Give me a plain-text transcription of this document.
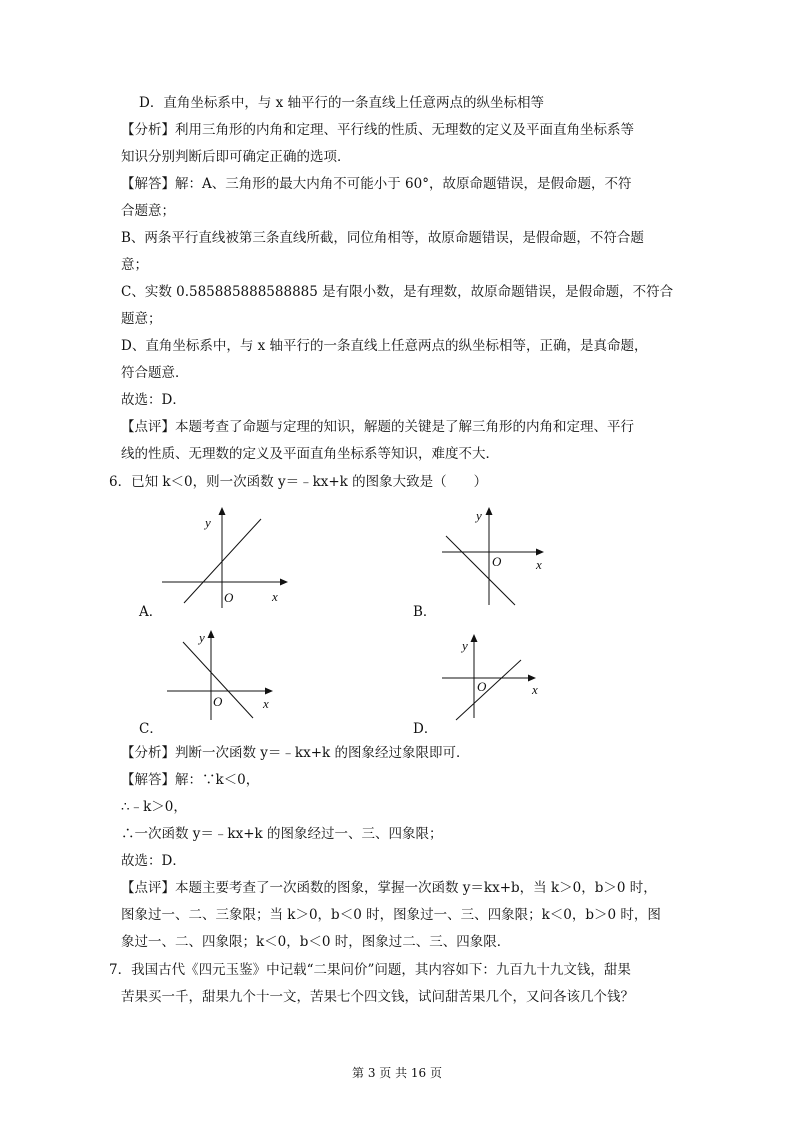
D．直角坐标系中，与 x 轴平行的一条直线上任意两点的纵坐标相等
【分析】利用三角形的内角和定理、平行线的性质、无理数的定义及平面直角坐标系等
知识分别判断后即可确定正确的选项．
【解答】解：A、三角形的最大内角不可能小于 60°，故原命题错误，是假命题，不符
合题意；
B、两条平行直线被第三条直线所截，同位角相等，故原命题错误，是假命题，不符合题
意；
C、实数 0.585885888588885 是有限小数，是有理数，故原命题错误，是假命题，不符合
题意；
D、直角坐标系中，与 x 轴平行的一条直线上任意两点的纵坐标相等，正确，是真命题，
符合题意．
故选：D．
【点评】本题考查了命题与定理的知识，解题的关键是了解三角形的内角和定理、平行
线的性质、无理数的定义及平面直角坐标系等知识，难度不大．
6．已知 k＜0，则一次函数 y＝﹣kx+k 的图象大致是（　　）
y
O	x
A．
y
O	x
B．
y
O	x
C．
y
O	x
D．
【分析】判断一次函数 y＝﹣kx+k 的图象经过象限即可．
【解答】解：∵k＜0，
∴﹣k＞0，
∴一次函数 y＝﹣kx+k 的图象经过一、三、四象限；
故选：D．
【点评】本题主要考查了一次函数的图象，掌握一次函数 y＝kx+b，当 k＞0，b＞0 时，
图象过一、二、三象限；当 k＞0，b＜0 时，图象过一、三、四象限；k＜0，b＞0 时，图
象过一、二、四象限；k＜0，b＜0 时，图象过二、三、四象限．
7．我国古代《四元玉鉴》中记载“二果问价”问题，其内容如下：九百九十九文钱，甜果
苦果买一千，甜果九个十一文，苦果七个四文钱，试问甜苦果几个，又问各该几个钱？
第 3 页 共 16 页
